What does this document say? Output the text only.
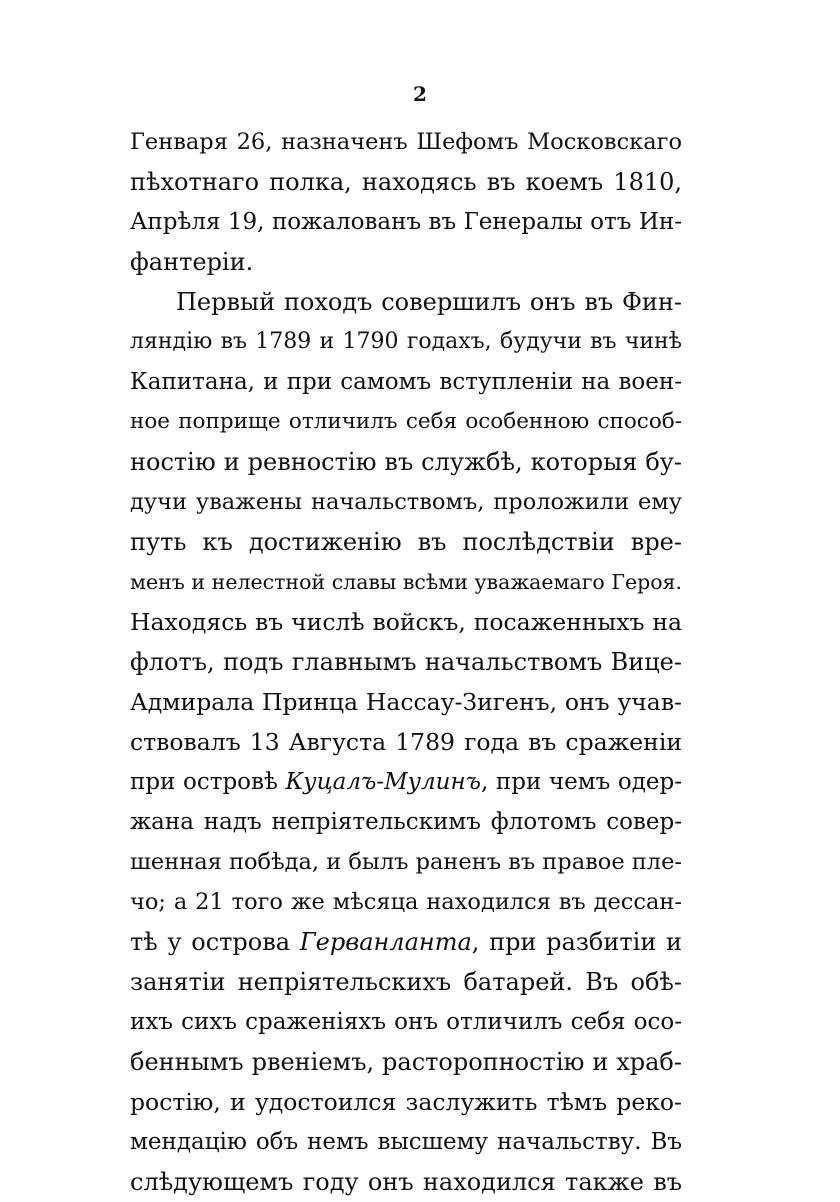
2
Генваря 26, назначенъ Шефомъ Московскаго
пѣхотнаго полка, находясь въ коемъ 1810,
Апрѣля 19, пожалованъ въ Генералы отъ Ин-
фантеріи.
Первый походъ совершилъ онъ въ Фин-
ляндію въ 1789 и 1790 годахъ, будучи въ чинѣ
Капитана, и при самомъ вступленіи на воен-
ное поприще отличилъ себя особенною способ-
ностію и ревностію въ службѣ, которыя бу-
дучи уважены начальствомъ, проложили ему
путь къ достиженію въ послѣдствіи вре-
менъ и нелестной славы всѣми уважаемаго Героя.
Находясь въ числѣ войскъ, посаженныхъ на
флотъ, подъ главнымъ начальствомъ Вице-
Адмирала Принца Нассау-Зигенъ, онъ учав-
ствовалъ 13 Августа 1789 года въ сраженіи
при островѣ Куцалъ-Мулинъ, при чемъ одер-
жана надъ непріятельскимъ флотомъ совер-
шенная побѣда, и былъ раненъ въ правое пле-
чо; а 21 того же мѣсяца находился въ дессан-
тѣ у острова Герванланта, при разбитіи и
занятіи непріятельскихъ батарей. Въ обѣ-
ихъ сихъ сраженіяхъ онъ отличилъ себя осо-
беннымъ рвеніемъ, расторопностію и храб-
ростію, и удостоился заслужить тѣмъ реко-
мендацію объ немъ высшему начальству. Въ
слѣдующемъ году онъ находился также въ
